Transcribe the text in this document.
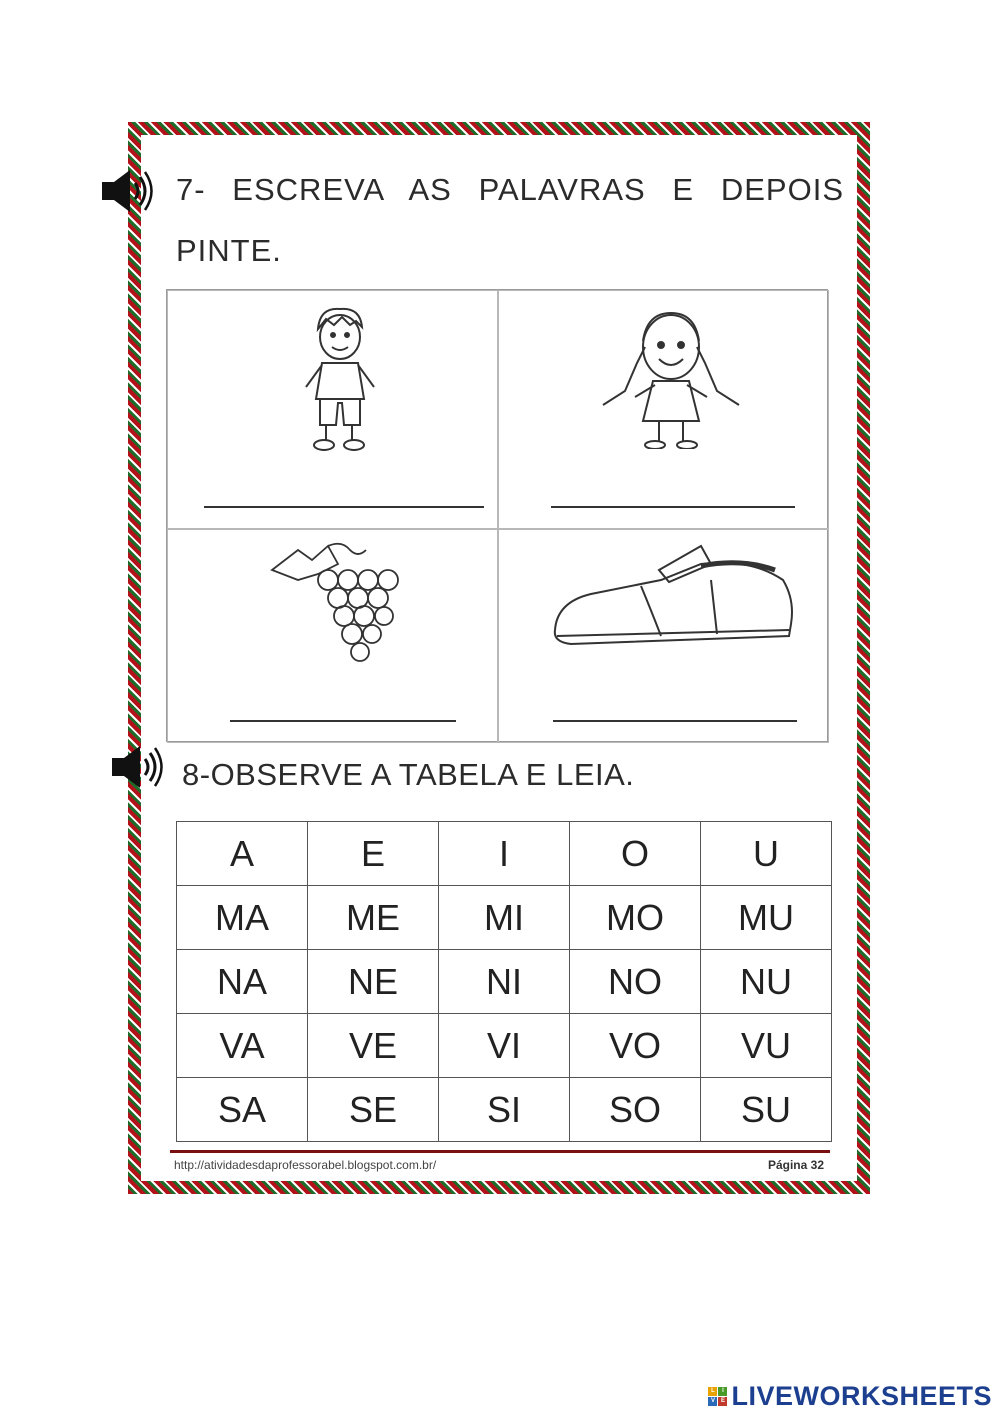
7- ESCREVA AS PALAVRAS E DEPOIS
PINTE.
8-OBSERVE A TABELA E LEIA.
A	E	I	O	U
MA	ME	MI	MO	MU
NA	NE	NI	NO	NU
VA	VE	VI	VO	VU
SA	SE	SI	SO	SU
http://atividadesdaprofessorabel.blogspot.com.br/	Página 32
L	I
V E LIVEWORKSHEETS
